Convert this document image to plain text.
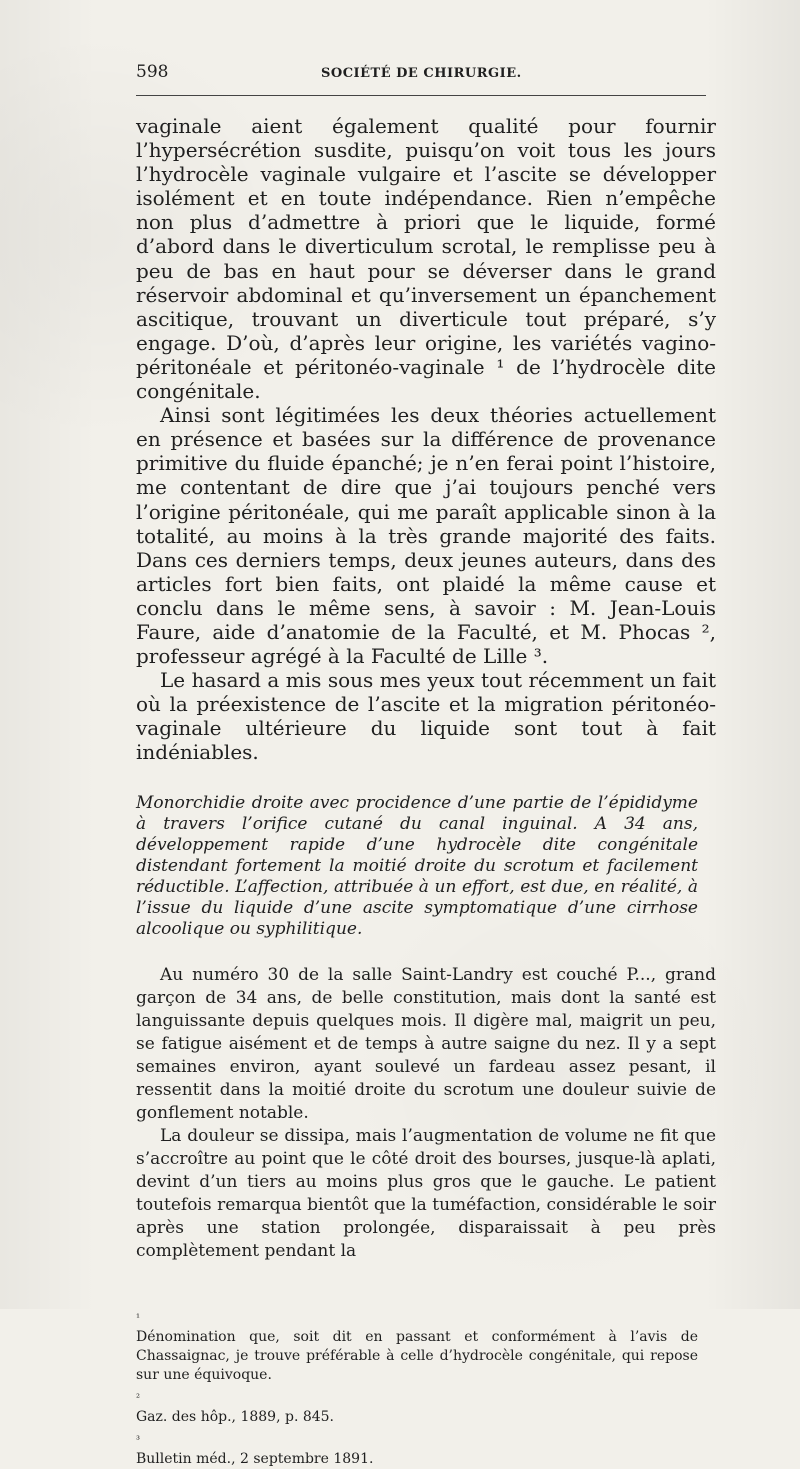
598	SOCIÉTÉ DE CHIRURGIE.

vaginale aient également qualité pour fournir l’hypersécrétion susdite, puisqu’on voit tous les jours l’hydrocèle vaginale vulgaire et l’ascite se développer isolément et en toute indépendance. Rien n’empêche non plus d’admettre à priori que le liquide, formé d’abord dans le diverticulum scrotal, le remplisse peu à peu de bas en haut pour se déverser dans le grand réservoir abdominal et qu’inversement un épanchement ascitique, trouvant un diverticule tout préparé, s’y engage. D’où, d’après leur origine, les variétés vagino-péritonéale et péritonéo-vaginale ¹ de l’hydrocèle dite congénitale.

Ainsi sont légitimées les deux théories actuellement en présence et basées sur la différence de provenance primitive du fluide épanché; je n’en ferai point l’histoire, me contentant de dire que j’ai toujours penché vers l’origine péritonéale, qui me paraît applicable sinon à la totalité, au moins à la très grande majorité des faits. Dans ces derniers temps, deux jeunes auteurs, dans des articles fort bien faits, ont plaidé la même cause et conclu dans le même sens, à savoir : M. Jean-Louis Faure, aide d’anatomie de la Faculté, et M. Phocas ², professeur agrégé à la Faculté de Lille ³.

Le hasard a mis sous mes yeux tout récemment un fait où la préexistence de l’ascite et la migration péritonéo-vaginale ultérieure du liquide sont tout à fait indéniables.

Monorchidie droite avec procidence d’une partie de l’épididyme à travers l’orifice cutané du canal inguinal. A 34 ans, développement rapide d’une hydrocèle dite congénitale distendant fortement la moitié droite du scrotum et facilement réductible. L’affection, attribuée à un effort, est due, en réalité, à l’issue du liquide d’une ascite symptomatique d’une cirrhose alcoolique ou syphilitique.

Au numéro 30 de la salle Saint-Landry est couché P..., grand garçon de 34 ans, de belle constitution, mais dont la santé est languissante depuis quelques mois. Il digère mal, maigrit un peu, se fatigue aisément et de temps à autre saigne du nez. Il y a sept semaines environ, ayant soulevé un fardeau assez pesant, il ressentit dans la moitié droite du scrotum une douleur suivie de gonflement notable.

La douleur se dissipa, mais l’augmentation de volume ne fit que s’accroître au point que le côté droit des bourses, jusque-là aplati, devint d’un tiers au moins plus gros que le gauche. Le patient toutefois remarqua bientôt que la tuméfaction, considérable le soir après une station prolongée, disparaissait à peu près complètement pendant la

¹ Dénomination que, soit dit en passant et conformément à l’avis de Chassaignac, je trouve préférable à celle d’hydrocèle congénitale, qui repose sur une équivoque.
² Gaz. des hôp., 1889, p. 845.
³ Bulletin méd., 2 septembre 1891.
